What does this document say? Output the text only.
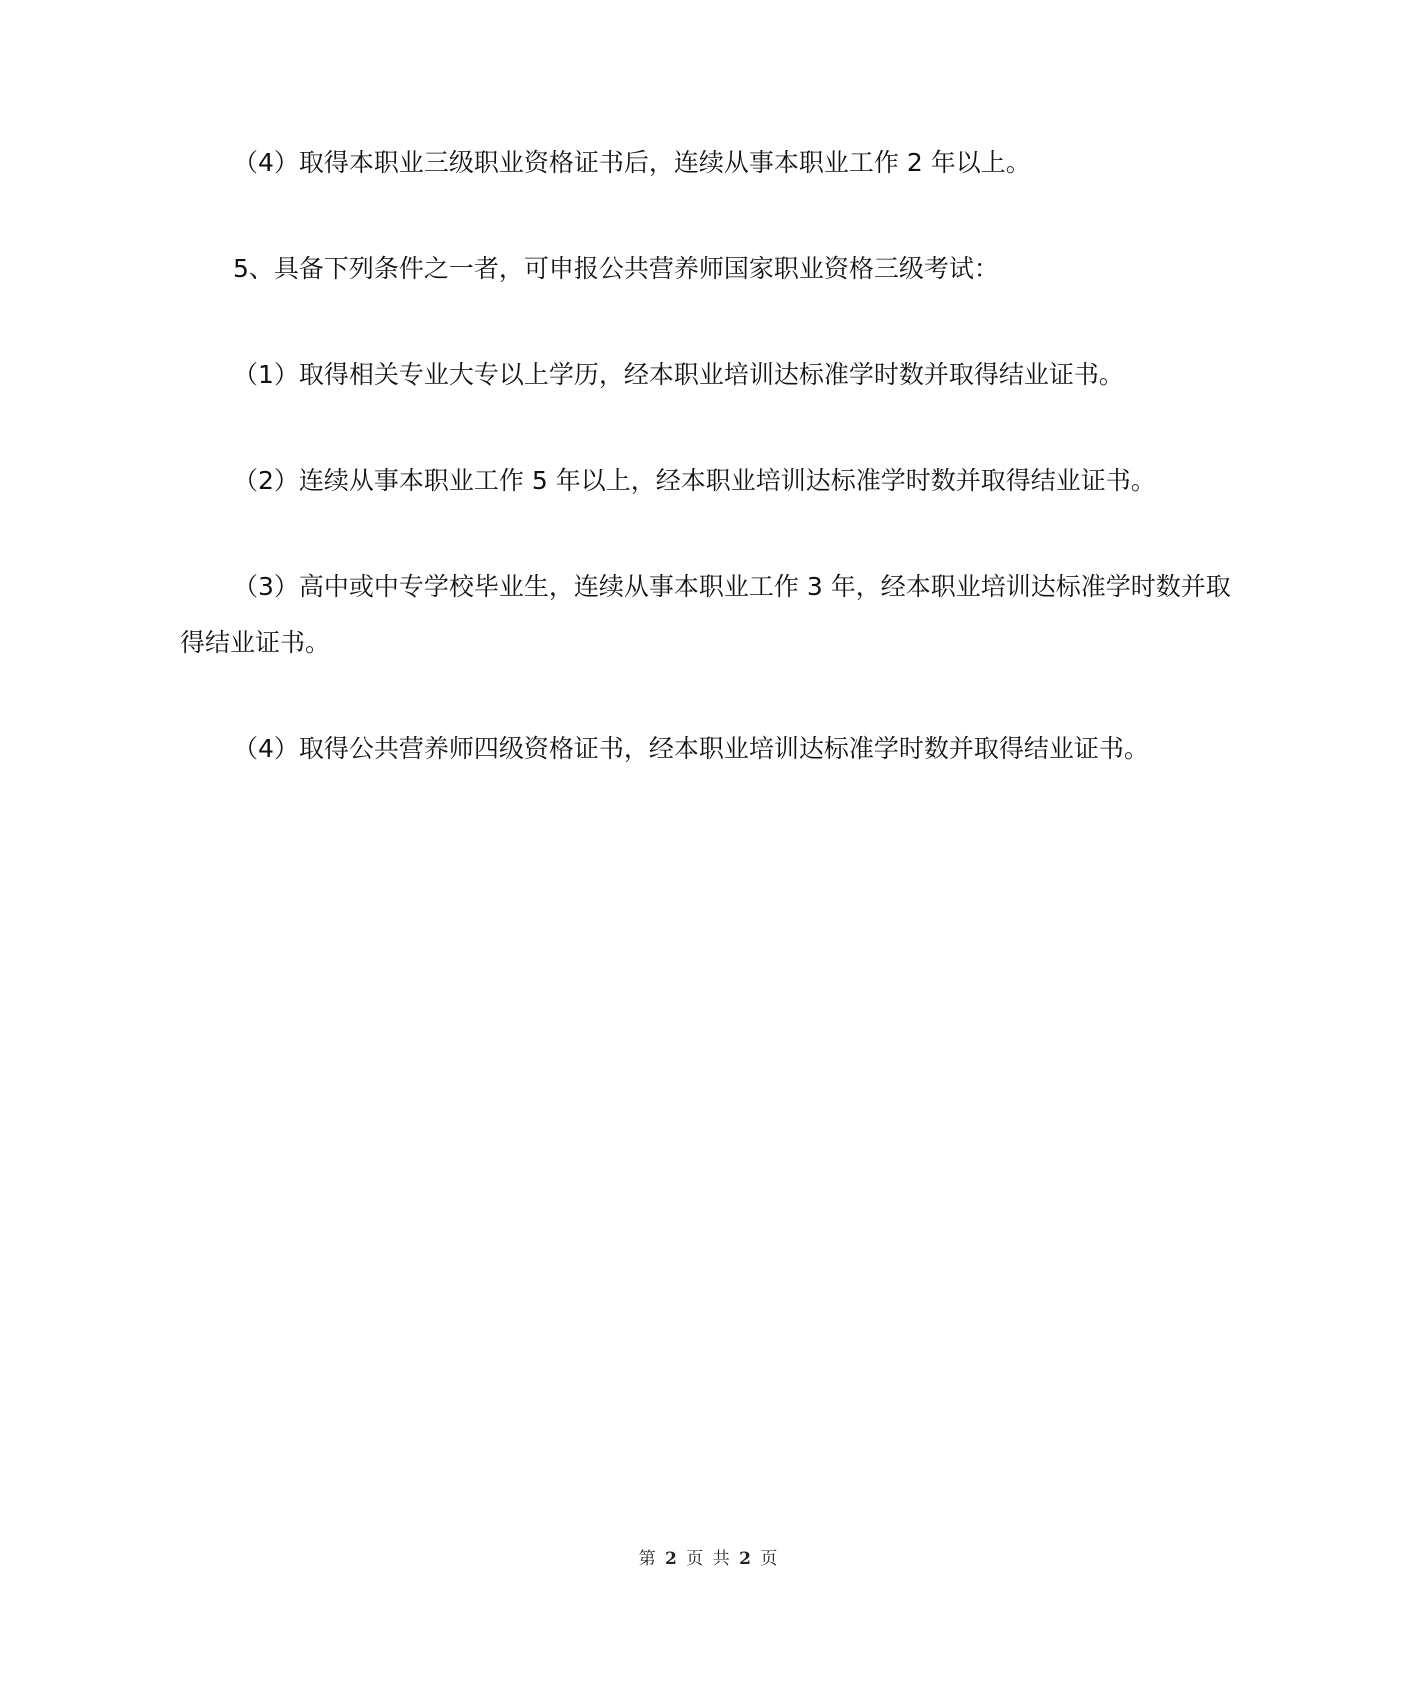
（4）取得本职业三级职业资格证书后，连续从事本职业工作 2 年以上。

5、具备下列条件之一者，可申报公共营养师国家职业资格三级考试：

（1）取得相关专业大专以上学历，经本职业培训达标准学时数并取得结业证书。

（2）连续从事本职业工作 5 年以上，经本职业培训达标准学时数并取得结业证书。

（3）高中或中专学校毕业生，连续从事本职业工作 3 年，经本职业培训达标准学时数并取得结业证书。

（4）取得公共营养师四级资格证书，经本职业培训达标准学时数并取得结业证书。

第 2 页 共 2 页
